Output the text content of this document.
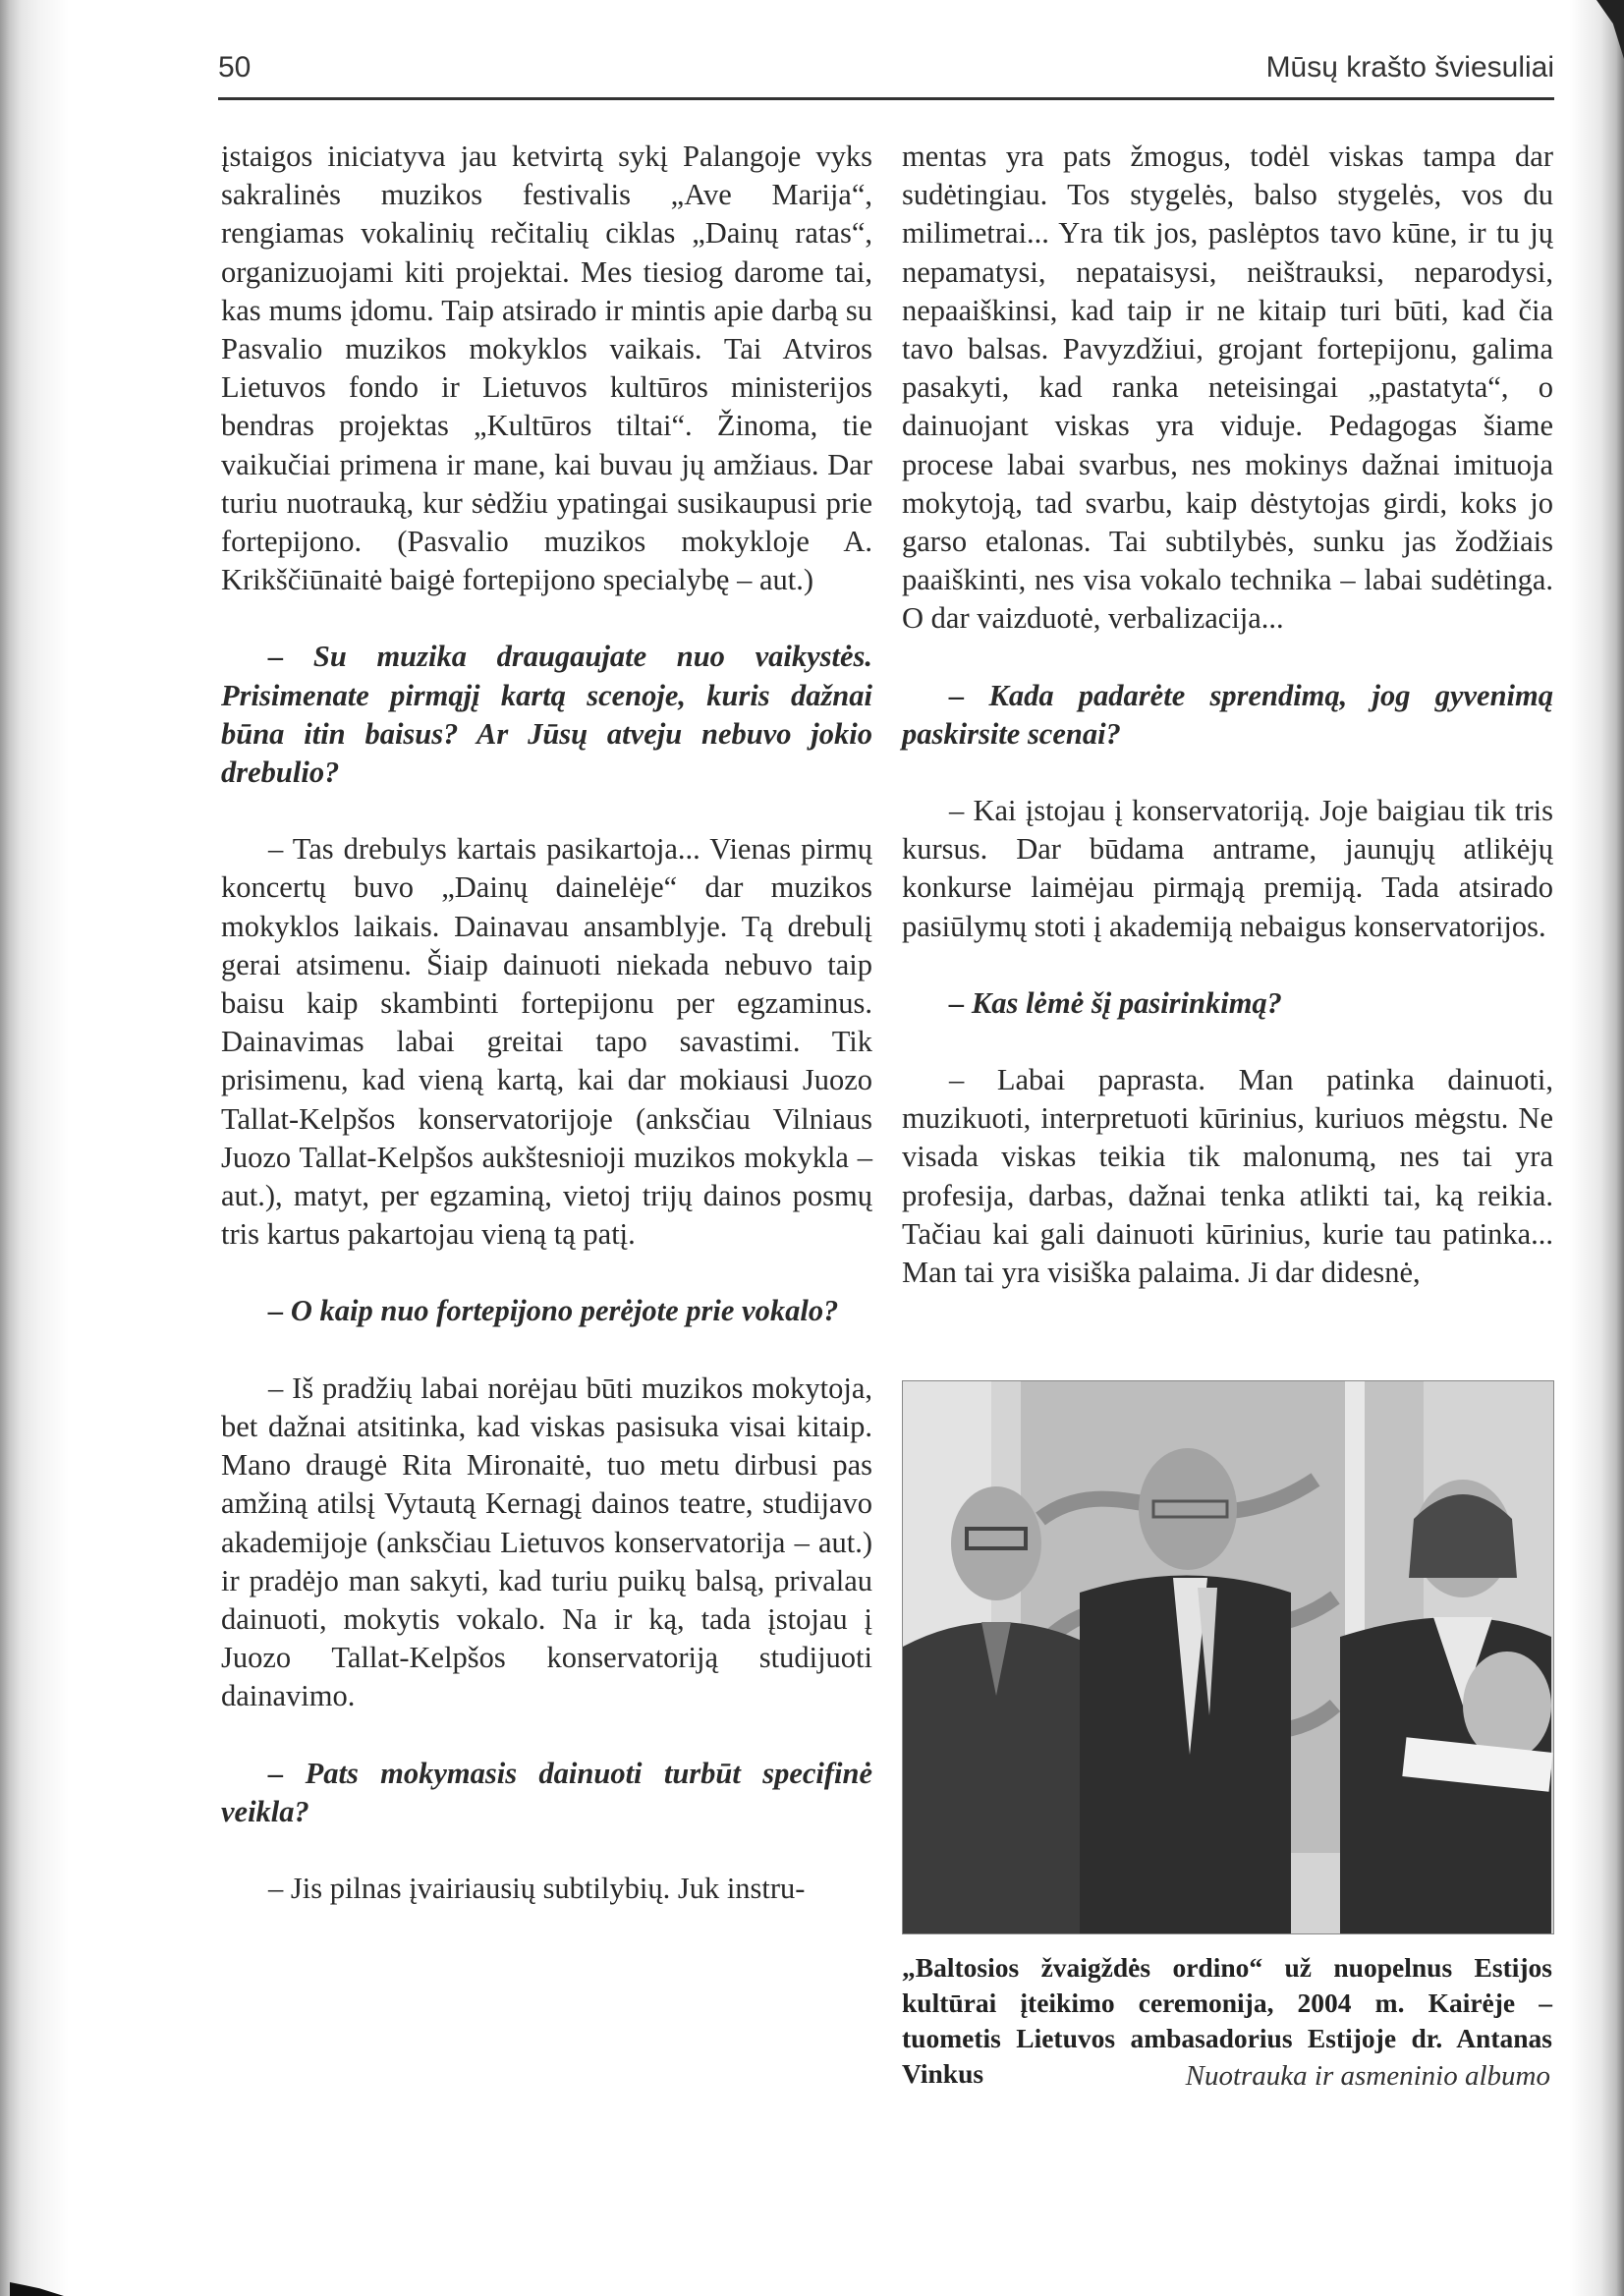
50	Mūsų krašto šviesuliai

įstaigos iniciatyva jau ketvirtą sykį Palangoje vyks sakralinės muzikos festivalis „Ave Marija“, rengiamas vokalinių rečitalių ciklas „Dainų ratas“, organizuojami kiti projektai. Mes tiesiog darome tai, kas mums įdomu. Taip atsirado ir mintis apie darbą su Pasvalio muzikos mokyklos vaikais. Tai Atviros Lietuvos fondo ir Lietuvos kultūros ministerijos bendras projektas „Kultūros tiltai“. Žinoma, tie vaikučiai primena ir mane, kai buvau jų amžiaus. Dar turiu nuotrauką, kur sėdžiu ypatingai susikaupusi prie fortepijono. (Pasvalio muzikos mokykloje A. Krikščiūnaitė baigė fortepijono specialybę – aut.)

– Su muzika draugaujate nuo vaikystės. Prisimenate pirmąjį kartą scenoje, kuris dažnai būna itin baisus? Ar Jūsų atveju nebuvo jokio drebulio?

– Tas drebulys kartais pasikartoja... Vienas pirmų koncertų buvo „Dainų dainelėje“ dar muzikos mokyklos laikais. Dainavau ansamblyje. Tą drebulį gerai atsimenu. Šiaip dainuoti niekada nebuvo taip baisu kaip skambinti fortepijonu per egzaminus. Dainavimas labai greitai tapo savastimi. Tik prisimenu, kad vieną kartą, kai dar mokiausi Juozo Tallat-Kelpšos konservatorijoje (anksčiau Vilniaus Juozo Tallat-Kelpšos aukštesnioji muzikos mokykla – aut.), matyt, per egzaminą, vietoj trijų dainos posmų tris kartus pakartojau vieną tą patį.

– O kaip nuo fortepijono perėjote prie vokalo?

– Iš pradžių labai norėjau būti muzikos mokytoja, bet dažnai atsitinka, kad viskas pasisuka visai kitaip. Mano draugė Rita Mironaitė, tuo metu dirbusi pas amžiną atilsį Vytautą Kernagį dainos teatre, studijavo akademijoje (anksčiau Lietuvos konservatorija – aut.) ir pradėjo man sakyti, kad turiu puikų balsą, privalau dainuoti, mokytis vokalo. Na ir ką, tada įstojau į Juozo Tallat-Kelpšos konservatoriją studijuoti dainavimo.

– Pats mokymasis dainuoti turbūt specifinė veikla?

– Jis pilnas įvairiausių subtilybių. Juk instru-

mentas yra pats žmogus, todėl viskas tampa dar sudėtingiau. Tos stygelės, balso stygelės, vos du milimetrai... Yra tik jos, paslėptos tavo kūne, ir tu jų nepamatysi, nepataisysi, neištrauksi, neparodysi, nepaaiškinsi, kad taip ir ne kitaip turi būti, kad čia tavo balsas. Pavyzdžiui, grojant fortepijonu, galima pasakyti, kad ranka neteisingai „pastatyta“, o dainuojant viskas yra viduje. Pedagogas šiame procese labai svarbus, nes mokinys dažnai imituoja mokytoją, tad svarbu, kaip dėstytojas girdi, koks jo garso etalonas. Tai subtilybės, sunku jas žodžiais paaiškinti, nes visa vokalo technika – labai sudėtinga. O dar vaizduotė, verbalizacija...

– Kada padarėte sprendimą, jog gyvenimą paskirsite scenai?

– Kai įstojau į konservatoriją. Joje baigiau tik tris kursus. Dar būdama antrame, jaunųjų atlikėjų konkurse laimėjau pirmąją premiją. Tada atsirado pasiūlymų stoti į akademiją nebaigus konservatorijos.

– Kas lėmė šį pasirinkimą?

– Labai paprasta. Man patinka dainuoti, muzikuoti, interpretuoti kūrinius, kuriuos mėgstu. Ne visada viskas teikia tik malonumą, nes tai yra profesija, darbas, dažnai tenka atlikti tai, ką reikia. Tačiau kai gali dainuoti kūrinius, kurie tau patinka... Man tai yra visiška palaima. Ji dar didesnė,

„Baltosios žvaigždės ordino“ už nuopelnus Estijos kultūrai įteikimo ceremonija, 2004 m. Kairėje – tuometis Lietuvos ambasadorius Estijoje dr. Antanas Vinkus	Nuotrauka ir asmeninio albumo
